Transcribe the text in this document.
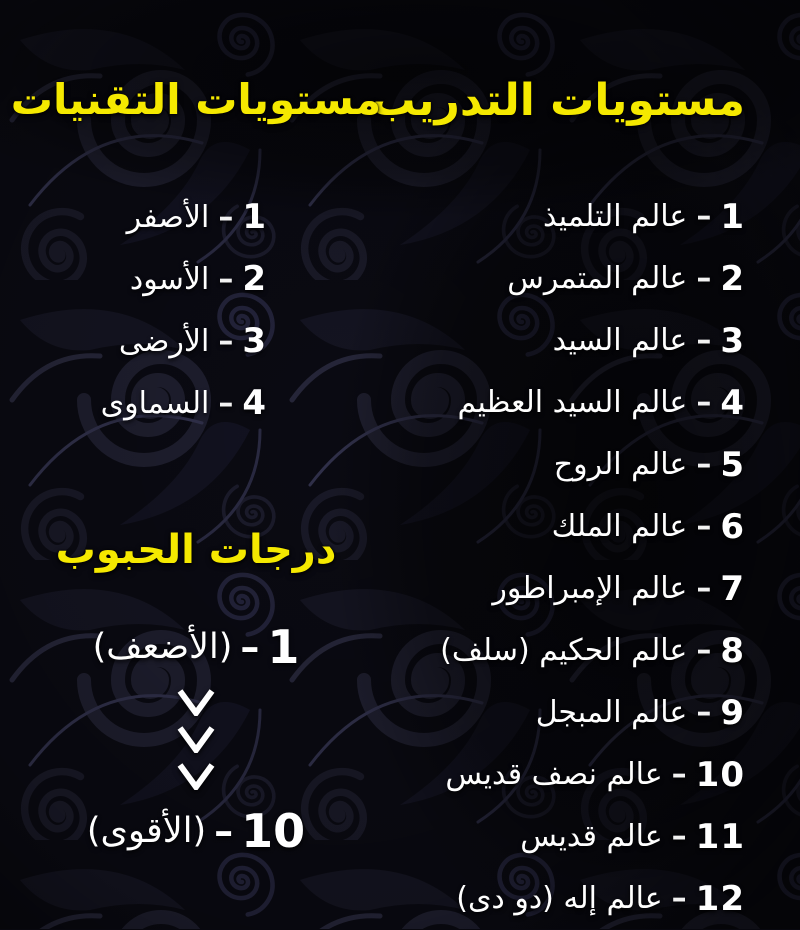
مستويات التدريب
1
–
عالم التلميذ
2
–
عالم المتمرس
3
–
عالم السيد
4
–
عالم السيد العظيم
5
–
عالم الروح
6
–
عالم الملك
7
–
عالم الإمبراطور
8
–
عالم الحكيم (سلف)
9
–
عالم المبجل
10
–
عالم نصف قديس
11
–
عالم قديس
12
–
عالم إله (دو دى)
مستويات التقنيات
1
–
الأصفر
2
–
الأسود
3
–
الأرضى
4
–
السماوى
درجات الحبوب
1
–
(الأضعف)
10
–
(الأقوى)
